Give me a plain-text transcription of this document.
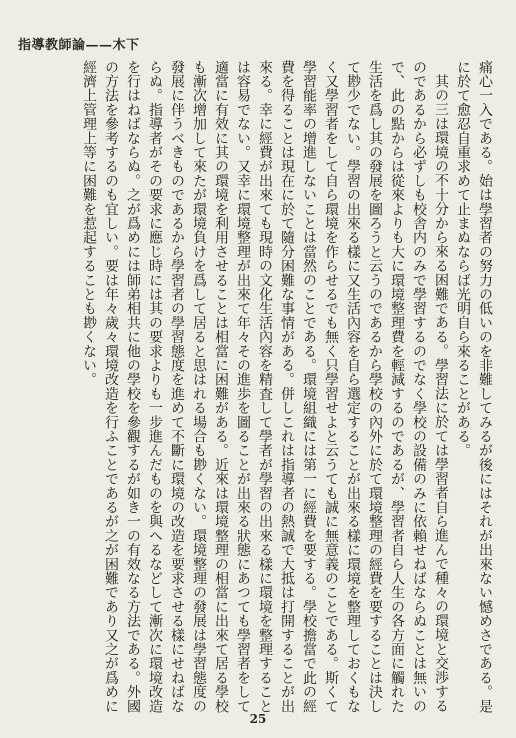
指導教師論——木下

痛心一入である。始は學習者の努力の低いのを非難してみるが後にはそれが出來ない憾めさである。是に於て愈忍自重求めて止まぬならば光明自ら來ることがある。

其の三は環境の不十分から來る困難である。學習法に於ては學習者自ら進んで種々の環境と交渉するのであるから必ずしも校舎内のみで學習するのでなく學校の設備のみに依賴せねばならぬことは無いので、此の點からは從來よりも大に環境整理費を輕減するのであるが、學習者自ら人生の各方面に觸れた生活を爲し其の發展を圖ろうと云うのであるから學校の內外に於て環境整理の經費を要することは決して尠少でない。學習の出來る樣に又生活內容を自ら選定することが出來る樣に環境を整理しておくもなく又學習者をして自ら環境を作らせるでも無く只學習せよと云うても誠に無意義のことである。斯くて學習能率の增進しないことは當然のことである。環境組織には第一に經費を要する。學校擔當で此の經費を得ることは現在に於て隨分困難な事情がある。併しこれは指導者の熱誠で大抵は打開することが出來る。幸に經費が出來ても現時の文化生活內容を精査して學者が學習の出來る樣に環境を整理することは容易でない。又幸に環境整理が出來て年々その進歩を圖ることが出來る狀態にあつても學習者をして適當に有效に其の環境を利用させることは相當に困難がある。近來は環境整理の相當に出來て居る學校も漸次增加して來たが環境負けを爲して居ると思はれる場合も尠くない。環境整理の發展は學習態度の發展に伴うべきものであるから學習者の學習態度を進めて不斷に環境の改造を要求させる樣にせねばならぬ。指導者がその要求に應じ時には其の要求よりも一步進んだものを與へるなどして漸次に環境改造を行はねばならぬ。之が爲めには師弟相共に他の學校を參觀するが如き一の有效なる方法である。外國の方法を參考するのも宜しい。要は年々歲々環境改造を行ふことであるが之が困難であり又之が爲めに經濟上管理上等に困難を惹起することも尠くない。

25
